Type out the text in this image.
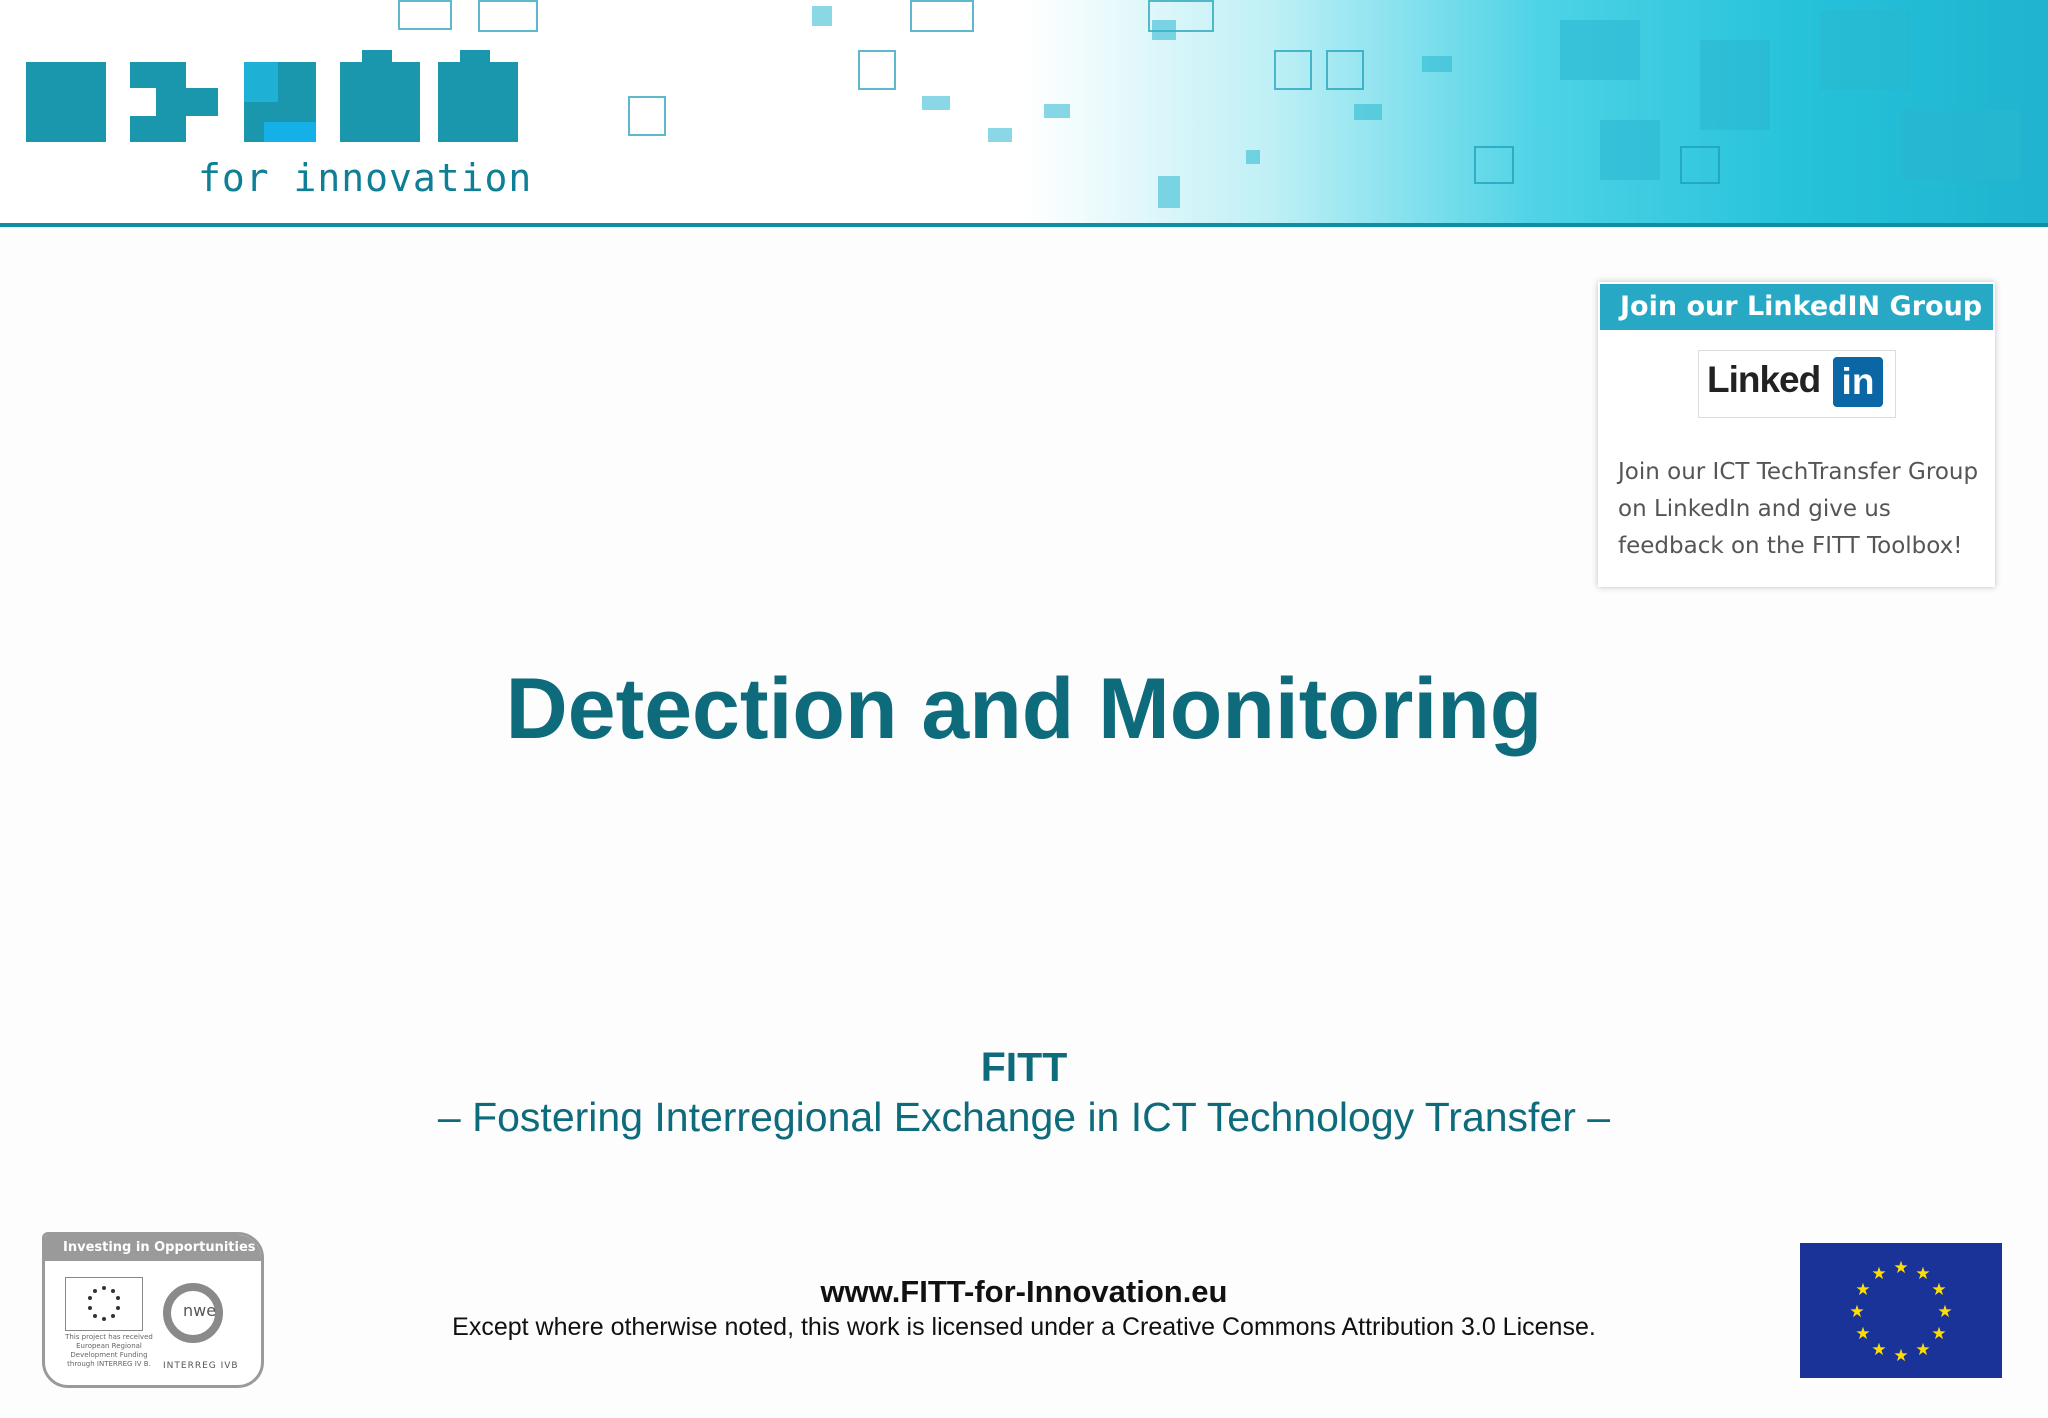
for innovation
Join our LinkedIN Group
Linked in
Join our ICT TechTransfer Group on LinkedIn and give us feedback on the FITT Toolbox!
Detection and Monitoring
FITT
– Fostering Interregional Exchange in ICT Technology Transfer –
www.FITT-for-Innovation.eu
Except where otherwise noted, this work is licensed under a Creative Commons Attribution 3.0 License.
Investing in Opportunities
This project has received European Regional Development Funding through INTERREG IV B.
nwe
INTERREG IVB
★ ★
★
★
★
★
★
★
★
★
★
★
